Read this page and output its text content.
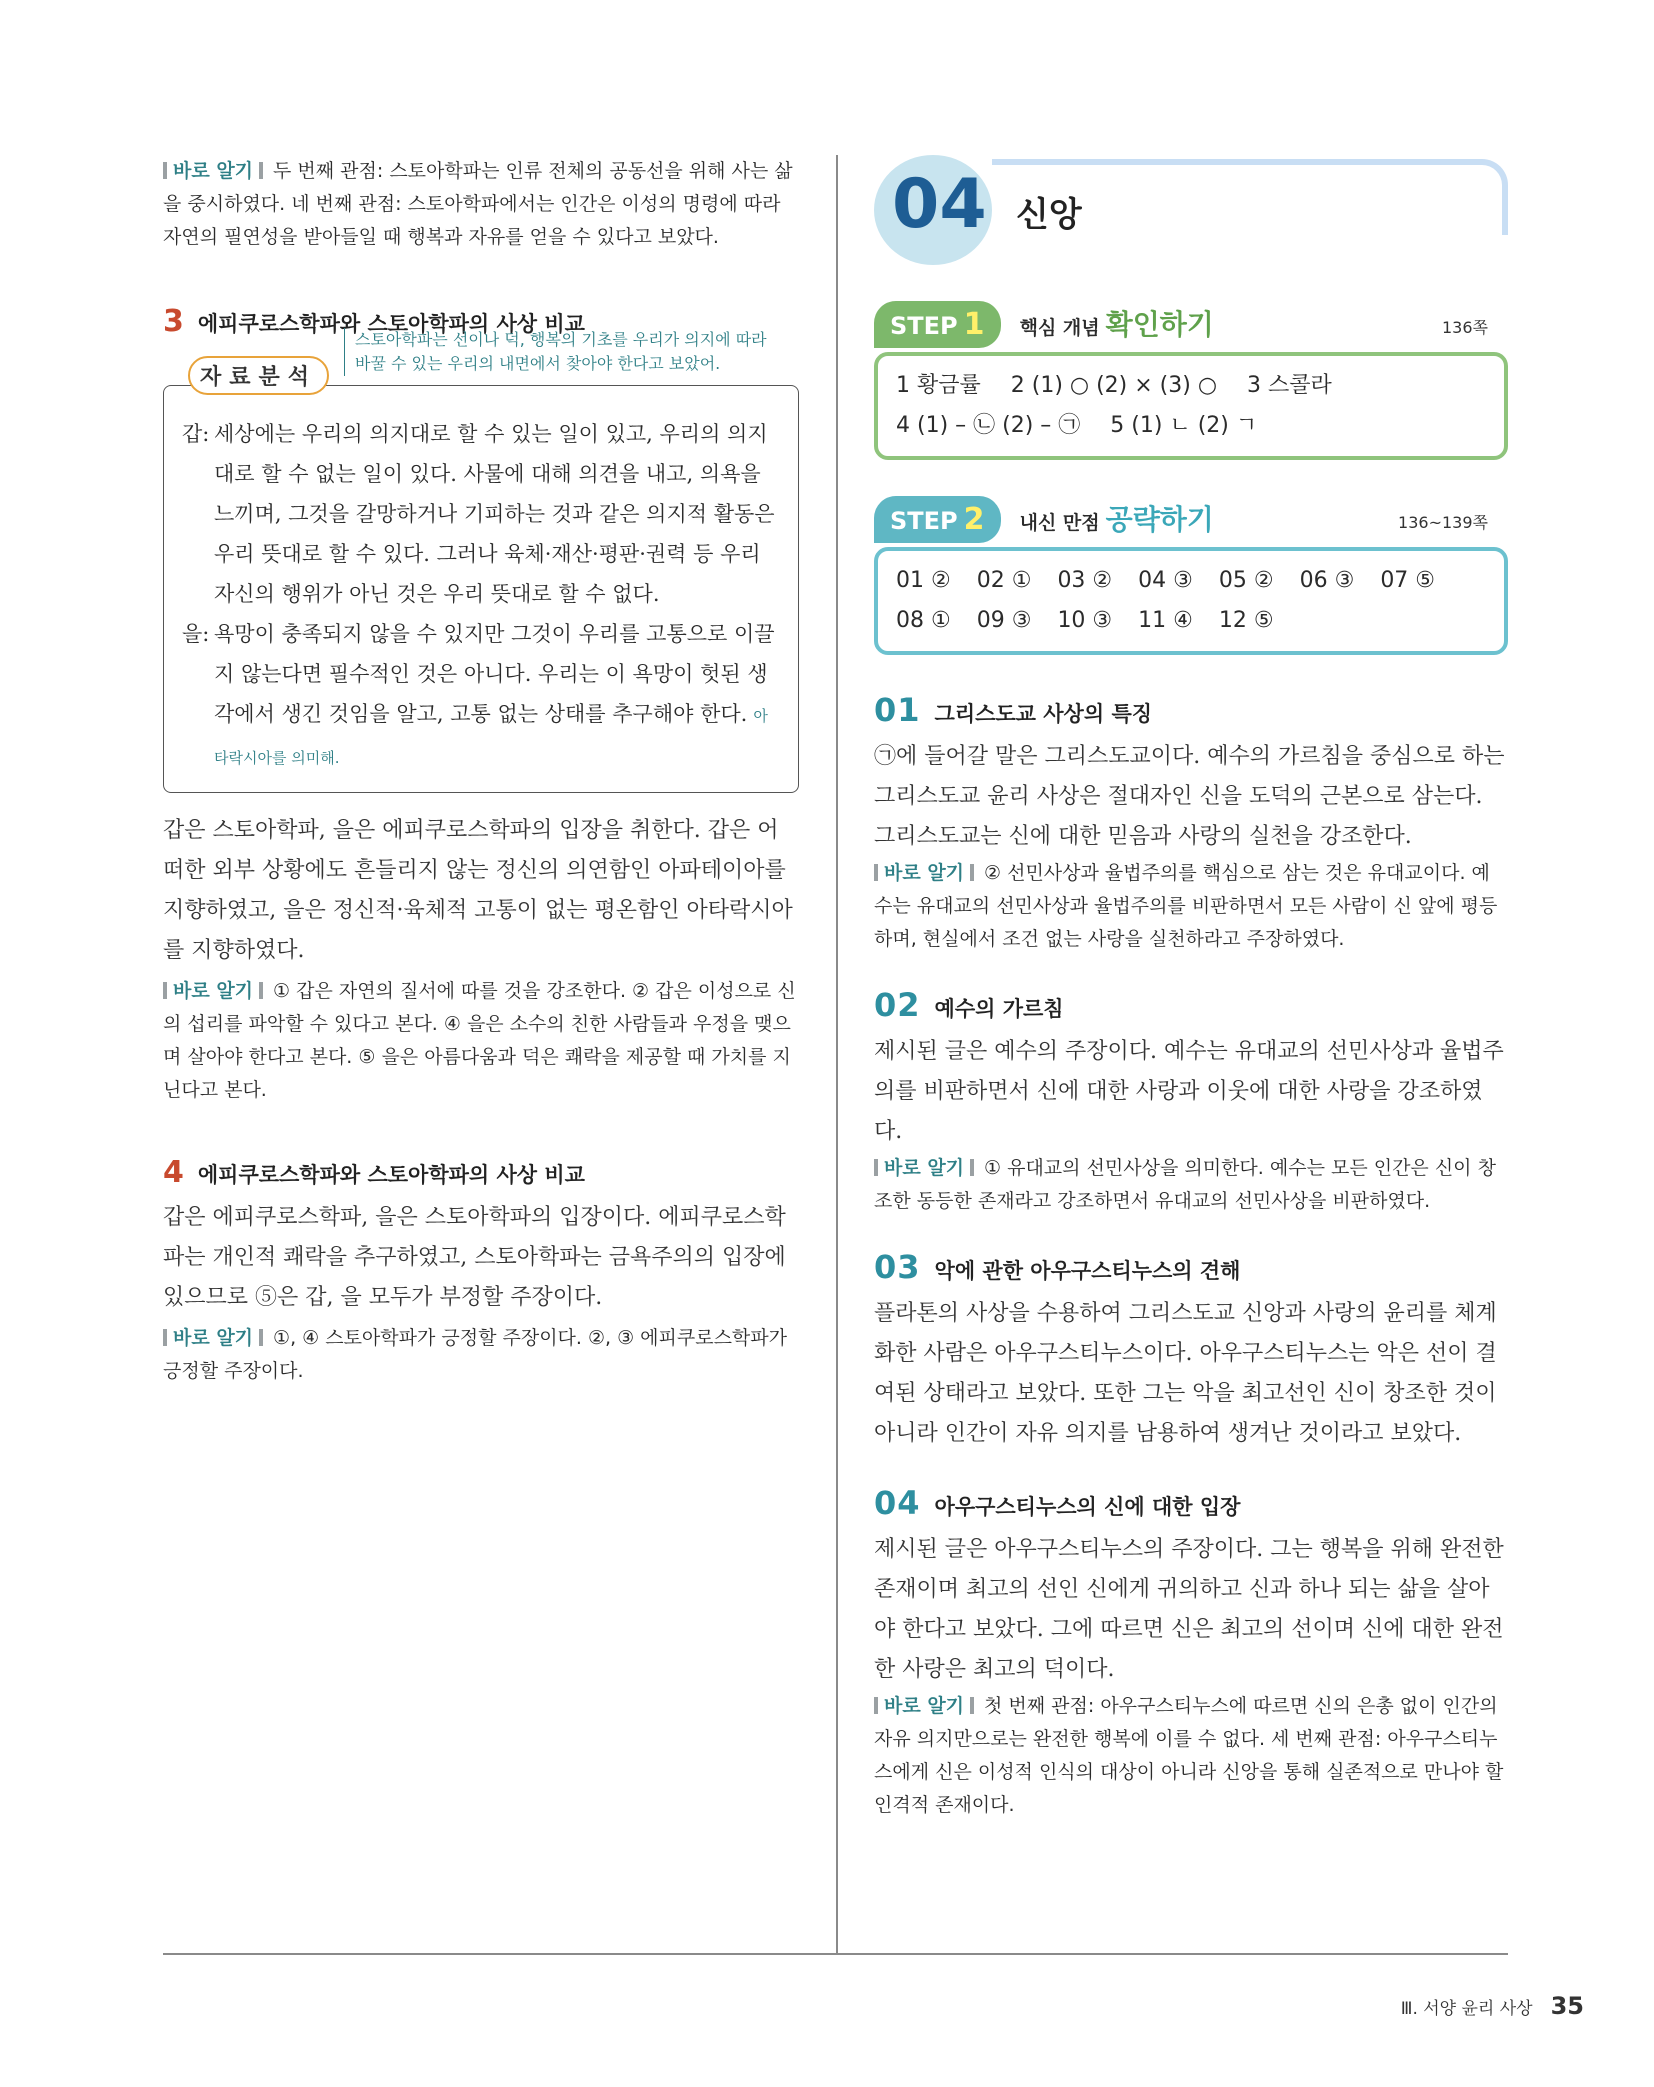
바로 알기 두 번째 관점: 스토아학파는 인류 전체의 공동선을 위해 사는 삶을 중시하였다. 네 번째 관점: 스토아학파에서는 인간은 이성의 명령에 따라 자연의 필연성을 받아들일 때 행복과 자유를 얻을 수 있다고 보았다.

3 에피쿠로스학파와 스토아학파의 사상 비교
자료분석
스토아학파는 선이나 덕, 행복의 기초를 우리가 의지에 따라
바꿀 수 있는 우리의 내면에서 찾아야 한다고 보았어.
갑: 세상에는 우리의 의지대로 할 수 있는 일이 있고, 우리의 의지대로 할 수 없는 일이 있다. 사물에 대해 의견을 내고, 의욕을 느끼며, 그것을 갈망하거나 기피하는 것과 같은 의지적 활동은 우리 뜻대로 할 수 있다. 그러나 육체·재산·평판·권력 등 우리 자신의 행위가 아닌 것은 우리 뜻대로 할 수 없다.
을: 욕망이 충족되지 않을 수 있지만 그것이 우리를 고통으로 이끌지 않는다면 필수적인 것은 아니다. 우리는 이 욕망이 헛된 생각에서 생긴 것임을 알고, 고통 없는 상태를 추구해야 한다. 아타락시아를 의미해.

갑은 스토아학파, 을은 에피쿠로스학파의 입장을 취한다. 갑은 어떠한 외부 상황에도 흔들리지 않는 정신의 의연함인 아파테이아를 지향하였고, 을은 정신적·육체적 고통이 없는 평온함인 아타락시아를 지향하였다.

바로 알기 ① 갑은 자연의 질서에 따를 것을 강조한다. ② 갑은 이성으로 신의 섭리를 파악할 수 있다고 본다. ④ 을은 소수의 친한 사람들과 우정을 맺으며 살아야 한다고 본다. ⑤ 을은 아름다움과 덕은 쾌락을 제공할 때 가치를 지닌다고 본다.

4 에피쿠로스학파와 스토아학파의 사상 비교

갑은 에피쿠로스학파, 을은 스토아학파의 입장이다. 에피쿠로스학파는 개인적 쾌락을 추구하였고, 스토아학파는 금욕주의의 입장에 있으므로 ⑤은 갑, 을 모두가 부정할 주장이다.

바로 알기 ①, ④ 스토아학파가 긍정할 주장이다. ②, ③ 에피쿠로스학파가 긍정할 주장이다.

04 신앙
STEP 1 핵심 개념 확인하기	136쪽
1 황금률 2 (1) ○ (2) × (3) ○ 3 스콜라
4 (1) – ㉡ (2) – ㉠ 5 (1) ㄴ (2) ㄱ
STEP 2 내신 만점 공략하기	136~139쪽
01 ② 02 ① 03 ② 04 ③ 05 ② 06 ③ 07 ⑤
08 ① 09 ③ 10 ③ 11 ④ 12 ⑤
01 그리스도교 사상의 특징

㉠에 들어갈 말은 그리스도교이다. 예수의 가르침을 중심으로 하는 그리스도교 윤리 사상은 절대자인 신을 도덕의 근본으로 삼는다. 그리스도교는 신에 대한 믿음과 사랑의 실천을 강조한다.

바로 알기 ② 선민사상과 율법주의를 핵심으로 삼는 것은 유대교이다. 예수는 유대교의 선민사상과 율법주의를 비판하면서 모든 사람이 신 앞에 평등하며, 현실에서 조건 없는 사랑을 실천하라고 주장하였다.

02 예수의 가르침

제시된 글은 예수의 주장이다. 예수는 유대교의 선민사상과 율법주의를 비판하면서 신에 대한 사랑과 이웃에 대한 사랑을 강조하였다.

바로 알기 ① 유대교의 선민사상을 의미한다. 예수는 모든 인간은 신이 창조한 동등한 존재라고 강조하면서 유대교의 선민사상을 비판하였다.

03 악에 관한 아우구스티누스의 견해

플라톤의 사상을 수용하여 그리스도교 신앙과 사랑의 윤리를 체계화한 사람은 아우구스티누스이다. 아우구스티누스는 악은 선이 결여된 상태라고 보았다. 또한 그는 악을 최고선인 신이 창조한 것이 아니라 인간이 자유 의지를 남용하여 생겨난 것이라고 보았다.

04 아우구스티누스의 신에 대한 입장

제시된 글은 아우구스티누스의 주장이다. 그는 행복을 위해 완전한 존재이며 최고의 선인 신에게 귀의하고 신과 하나 되는 삶을 살아야 한다고 보았다. 그에 따르면 신은 최고의 선이며 신에 대한 완전한 사랑은 최고의 덕이다.

바로 알기 첫 번째 관점: 아우구스티누스에 따르면 신의 은총 없이 인간의 자유 의지만으로는 완전한 행복에 이를 수 없다. 세 번째 관점: 아우구스티누스에게 신은 이성적 인식의 대상이 아니라 신앙을 통해 실존적으로 만나야 할 인격적 존재이다.

Ⅲ. 서양 윤리 사상 35
